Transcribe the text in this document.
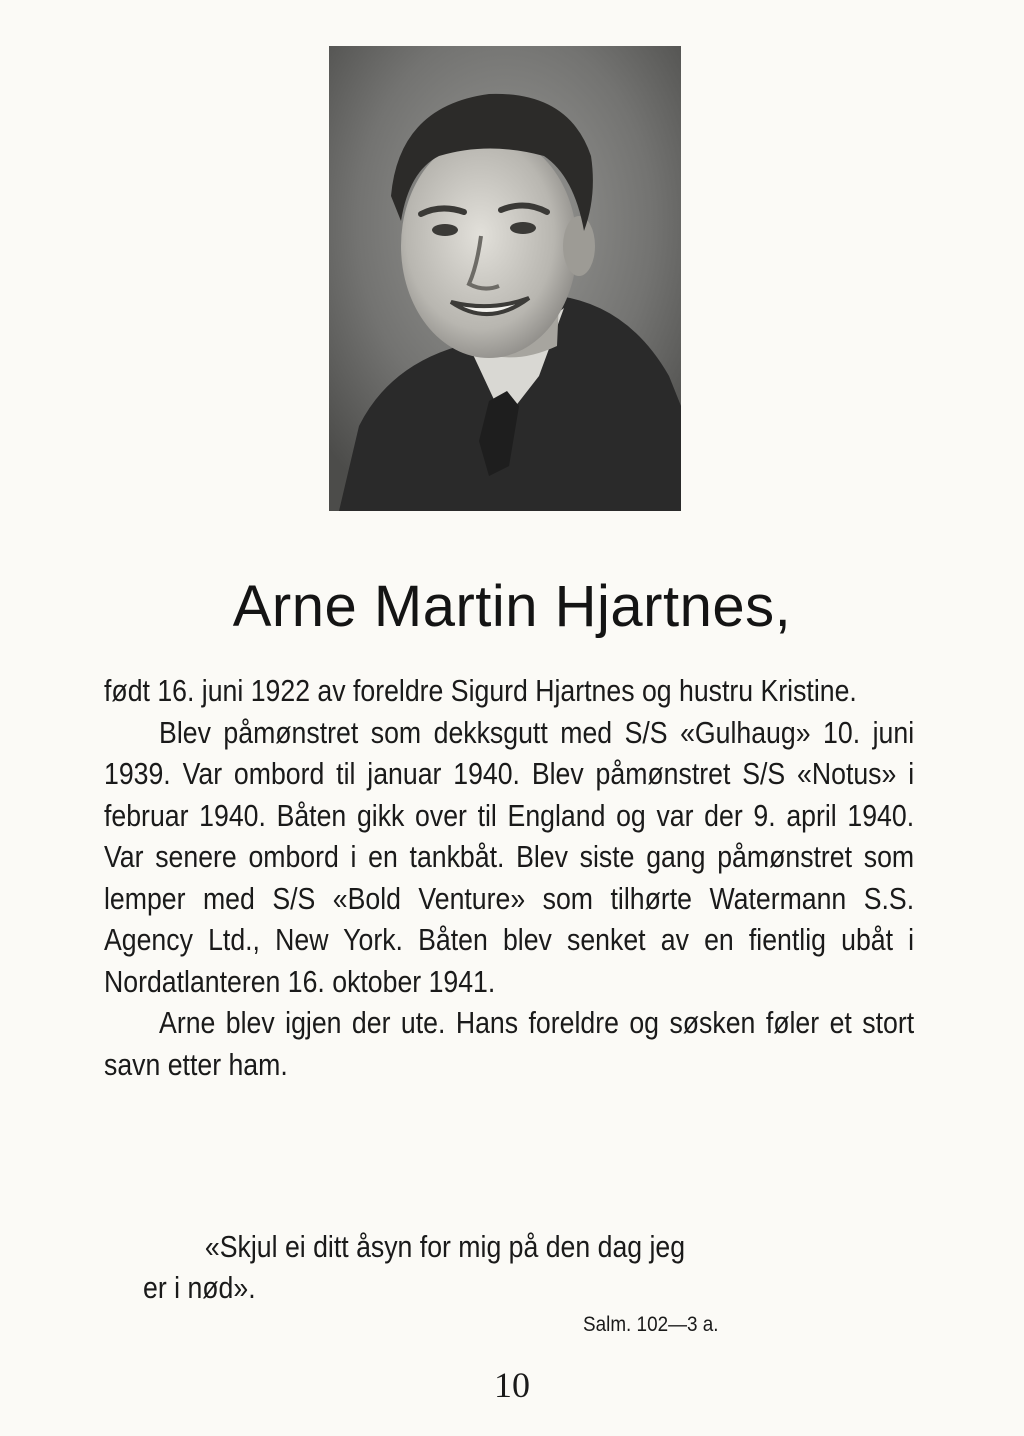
Arne Martin Hjartnes,

født 16. juni 1922 av foreldre Sigurd Hjartnes og hustru Kristine.

Blev påmønstret som dekksgutt med S/S «Gulhaug» 10. juni 1939. Var ombord til januar 1940. Blev påmønstret S/S «Notus» i februar 1940. Båten gikk over til England og var der 9. april 1940. Var senere ombord i en tankbåt. Blev siste gang påmønstret som lemper med S/S «Bold Venture» som tilhørte Watermann S.S. Agency Ltd., New York. Båten blev senket av en fientlig ubåt i Nordatlanteren 16. oktober 1941.

Arne blev igjen der ute. Hans foreldre og søsken føler et stort savn etter ham.

«Skjul ei ditt åsyn for mig på den dag jeg
er i nød».
Salm. 102—3 a.
10
